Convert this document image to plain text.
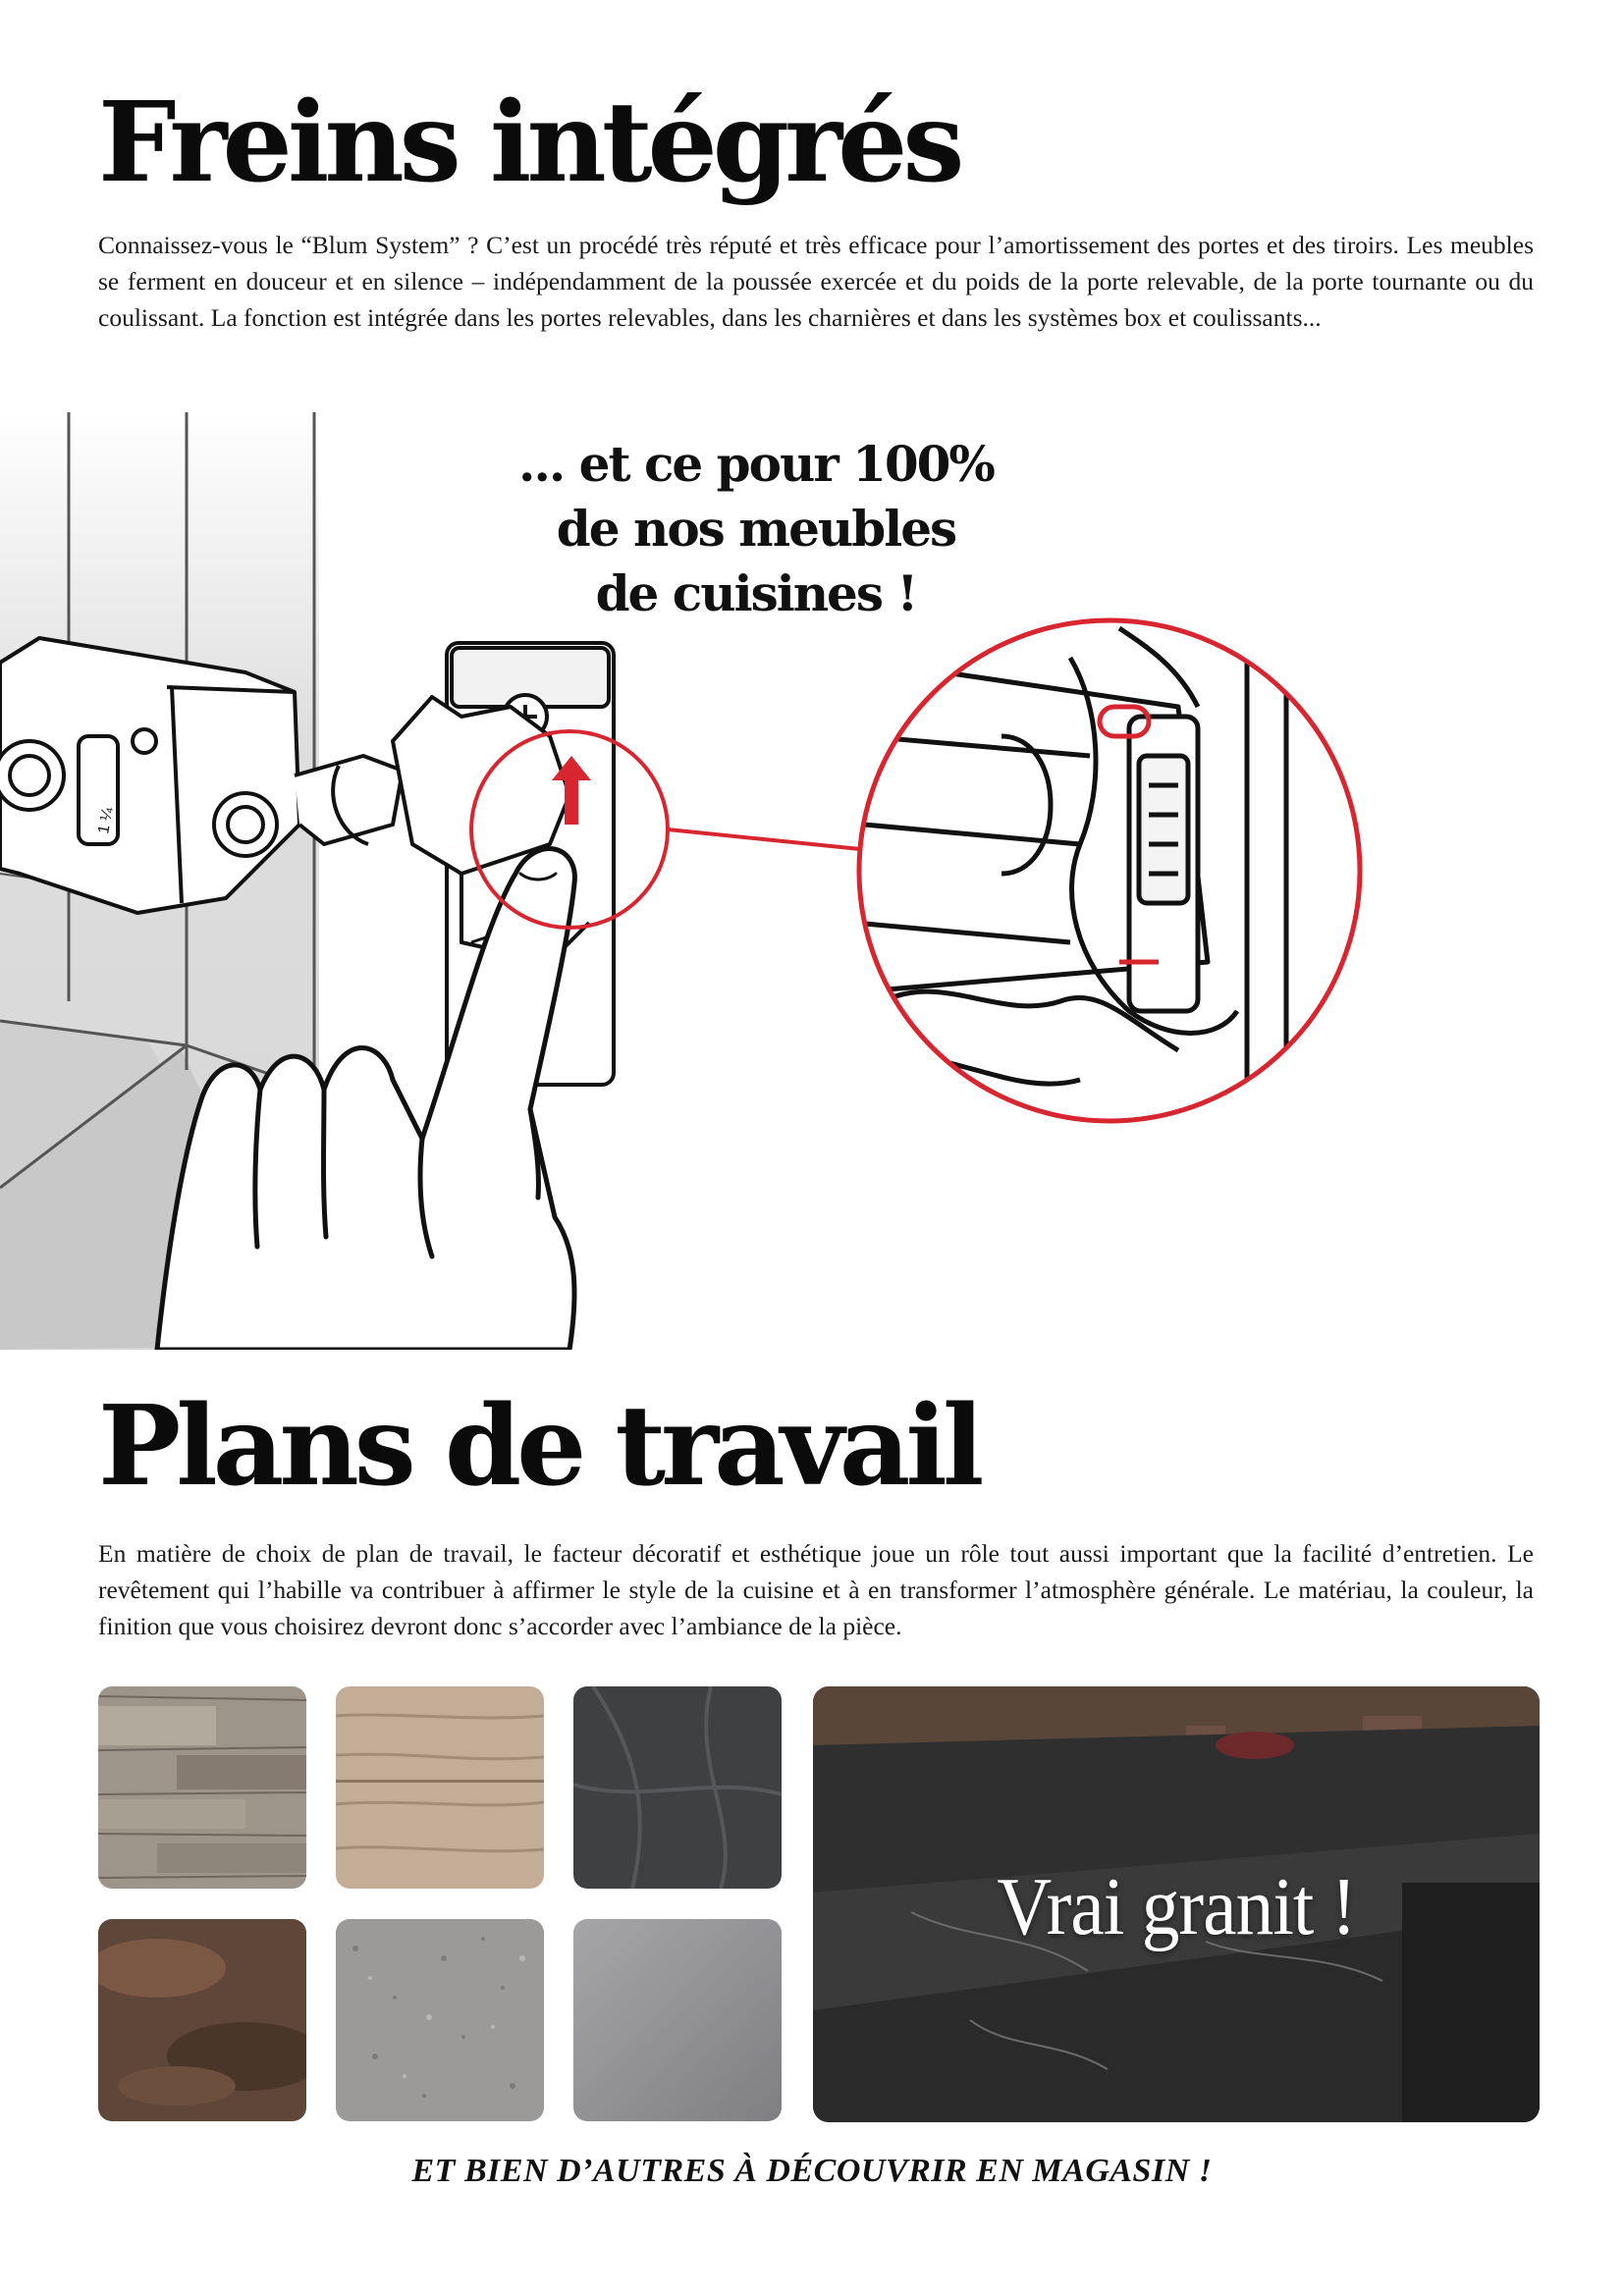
Freins intégrés

Connaissez-vous le “Blum System” ? C’est un procédé très réputé et très efficace pour l’amortissement des portes et des tiroirs. Les meubles se ferment en douceur et en silence – indépendamment de la poussée exercée et du poids de la porte relevable, de la porte tournante ou du coulissant. La fonction est intégrée dans les portes relevables, dans les charnières et dans les systèmes box et coulissants...

1 ¼
... et ce pour 100%
de nos meubles
de cuisines !
Plans de travail

En matière de choix de plan de travail, le facteur décoratif et esthétique joue un rôle tout aussi important que la facilité d’entretien. Le revêtement qui l’habille va contribuer à affirmer le style de la cuisine et à en transformer l’atmosphère générale. Le matériau, la couleur, la finition que vous choisirez devront donc s’accorder avec l’ambiance de la pièce.

Vrai granit !
ET BIEN D’AUTRES À DÉCOUVRIR EN MAGASIN !
